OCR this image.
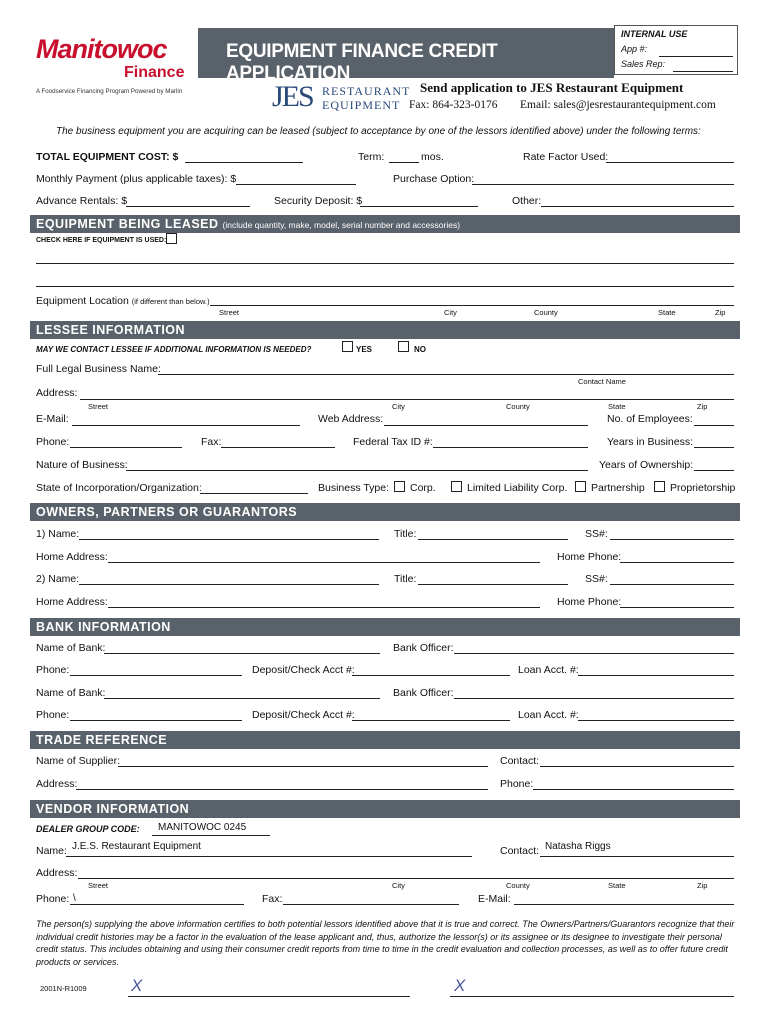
Manitowoc
Finance
A Foodservice Financing Program Powered by Marlin
EQUIPMENT FINANCE CREDIT APPLICATION
INTERNAL USE
App #:
Sales Rep:
JES RESTAURANT
EQUIPMENT
Send application to JES Restaurant Equipment
Fax: 864-323-0176 Email: sales@jesrestaurantequipment.com
The business equipment you are acquiring can be leased (subject to acceptance by one of the lessors identified above) under the following terms:
TOTAL EQUIPMENT COST: $	Term:	mos.	Rate Factor Used:
Monthly Payment (plus applicable taxes): $	Purchase Option:
Advance Rentals: $	Security Deposit: $	Other:
EQUIPMENT BEING LEASED (include quantity, make, model, serial number and accessories)
CHECK HERE IF EQUIPMENT IS USED:
Equipment Location (if different than below.)
Street	City	County	State	Zip
LESSEE INFORMATION
MAY WE CONTACT LESSEE IF ADDITIONAL INFORMATION IS NEEDED?	YES	NO
Full Legal Business Name:
Contact Name
Address:
Street	City	County	State	Zip
E-Mail:	Web Address:	No. of Employees:
Phone:	Fax:	Federal Tax ID #:	Years in Business:
Nature of Business:	Years of Ownership:
State of Incorporation/Organization:	Business Type: Corp.	Limited Liability Corp. Partnership Proprietorship
OWNERS, PARTNERS OR GUARANTORS
1) Name:	Title:	SS#:
Home Address:	Home Phone:
2) Name:	Title:	SS#:
Home Address:	Home Phone:
BANK INFORMATION
Name of Bank:	Bank Officer:
Phone:	Deposit/Check Acct #:	Loan Acct. #:
Name of Bank:	Bank Officer:
Phone:	Deposit/Check Acct #:	Loan Acct. #:
TRADE REFERENCE
Name of Supplier:	Contact:
Address:	Phone:
VENDOR INFORMATION
DEALER GROUP CODE: MANITOWOC 0245
Name: J.E.S. Restaurant Equipment	Contact: Natasha Riggs
Address:
Street	City	County	State	Zip
Phone: \	Fax:	E-Mail:
The person(s) supplying the above information certifies to both potential lessors identified above that it is true and correct. The Owners/Partners/Guarantors recognize that their individual credit histories may be a factor in the evaluation of the lease applicant and, thus, authorize the lessor(s) or its assignee or its designee to investigate their personal credit status. This includes obtaining and using their consumer credit reports from time to time in the credit evaluation and collection processes, as well as to offer future credit products or services.
2001N-R1009	X	X
